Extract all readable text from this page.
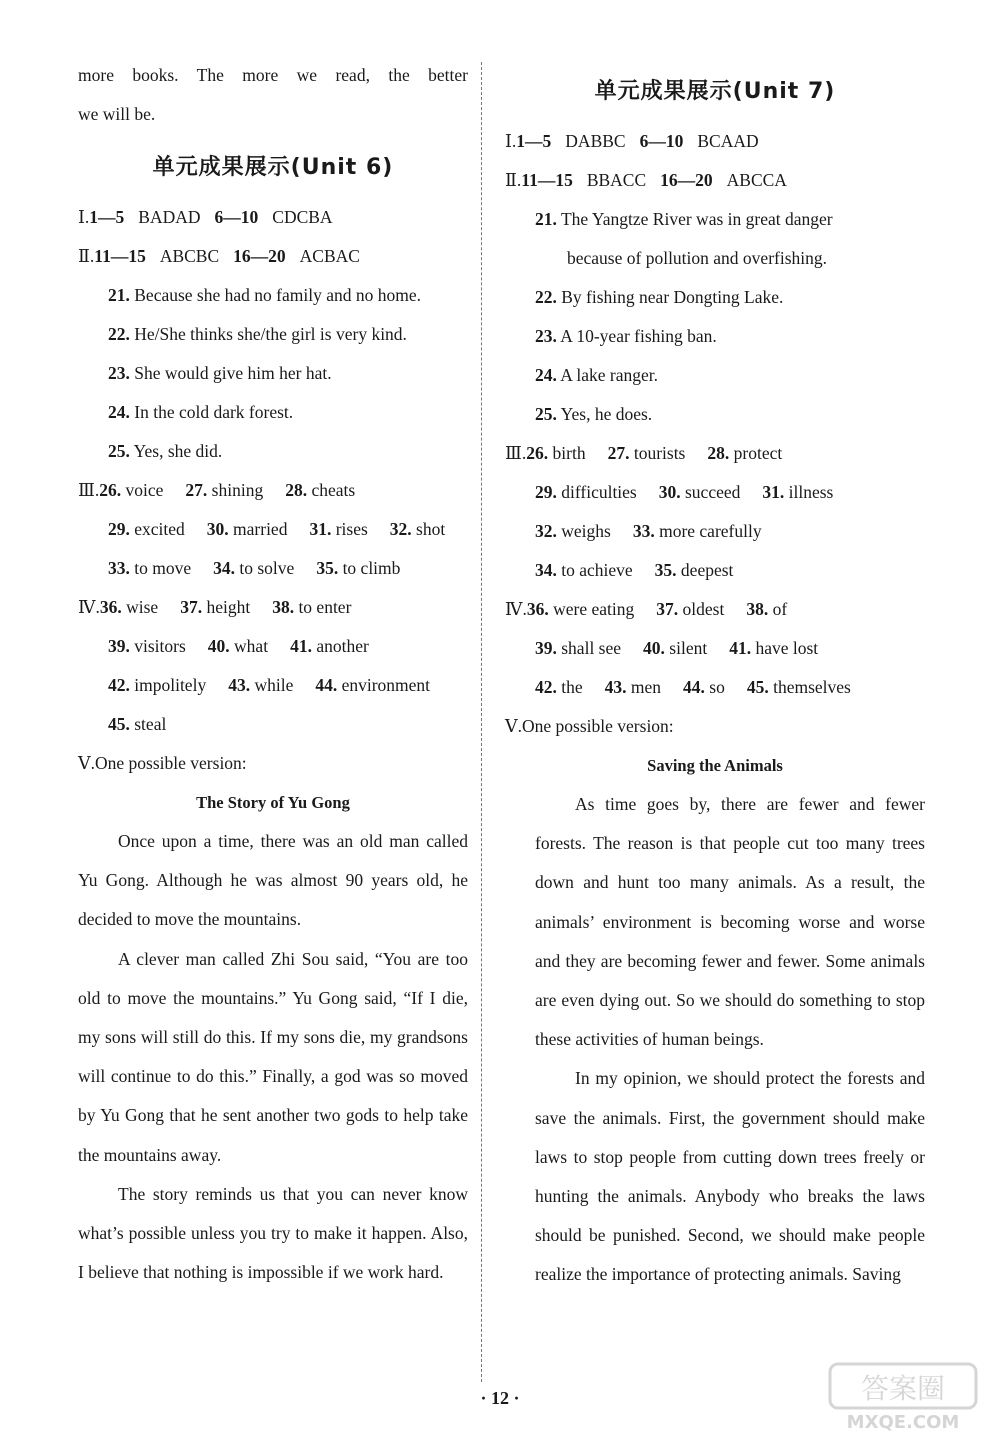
more books. The more we read, the better
we will be.
单元成果展示(Unit 6)
Ⅰ.1—5 BADAD 6—10 CDCBA
Ⅱ.11—15 ABCBC 16—20 ACBAC
21. Because she had no family and no home.
22. He/She thinks she/the girl is very kind.
23. She would give him her hat.
24. In the cold dark forest.
25. Yes, she did.
Ⅲ.26. voice 27. shining 28. cheats
29. excited 30. married 31. rises 32. shot
33. to move 34. to solve 35. to climb
Ⅳ.36. wise 37. height 38. to enter
39. visitors 40. what 41. another
42. impolitely 43. while 44. environment
45. steal
Ⅴ.One possible version:
The Story of Yu Gong

Once upon a time, there was an old man called Yu Gong. Although he was almost 90 years old, he decided to move the mountains.

A clever man called Zhi Sou said, “You are too old to move the mountains.” Yu Gong said, “If I die, my sons will still do this. If my sons die, my grandsons will continue to do this.” Finally, a god was so moved by Yu Gong that he sent another two gods to help take the mountains away.

The story reminds us that you can never know what’s possible unless you try to make it happen. Also, I believe that nothing is impossible if we work hard.

单元成果展示(Unit 7)
Ⅰ.1—5 DABBC 6—10 BCAAD
Ⅱ.11—15 BBACC 16—20 ABCCA
21. The Yangtze River was in great danger
because of pollution and overfishing.
22. By fishing near Dongting Lake.
23. A 10-year fishing ban.
24. A lake ranger.
25. Yes, he does.
Ⅲ.26. birth 27. tourists 28. protect
29. difficulties 30. succeed 31. illness
32. weighs 33. more carefully
34. to achieve 35. deepest
Ⅳ.36. were eating 37. oldest 38. of
39. shall see 40. silent 41. have lost
42. the 43. men 44. so 45. themselves
Ⅴ.One possible version:
Saving the Animals

As time goes by, there are fewer and fewer forests. The reason is that people cut too many trees down and hunt too many animals. As a result, the animals’ environment is becoming worse and worse and they are becoming fewer and fewer. Some animals are even dying out. So we should do something to stop these activities of human beings.

In my opinion, we should protect the forests and save the animals. First, the government should make laws to stop people from cutting down trees freely or hunting the animals. Anybody who breaks the laws should be punished. Second, we should make people realize the importance of protecting animals. Saving

· 12 ·	答案圈
MXQE.COM
